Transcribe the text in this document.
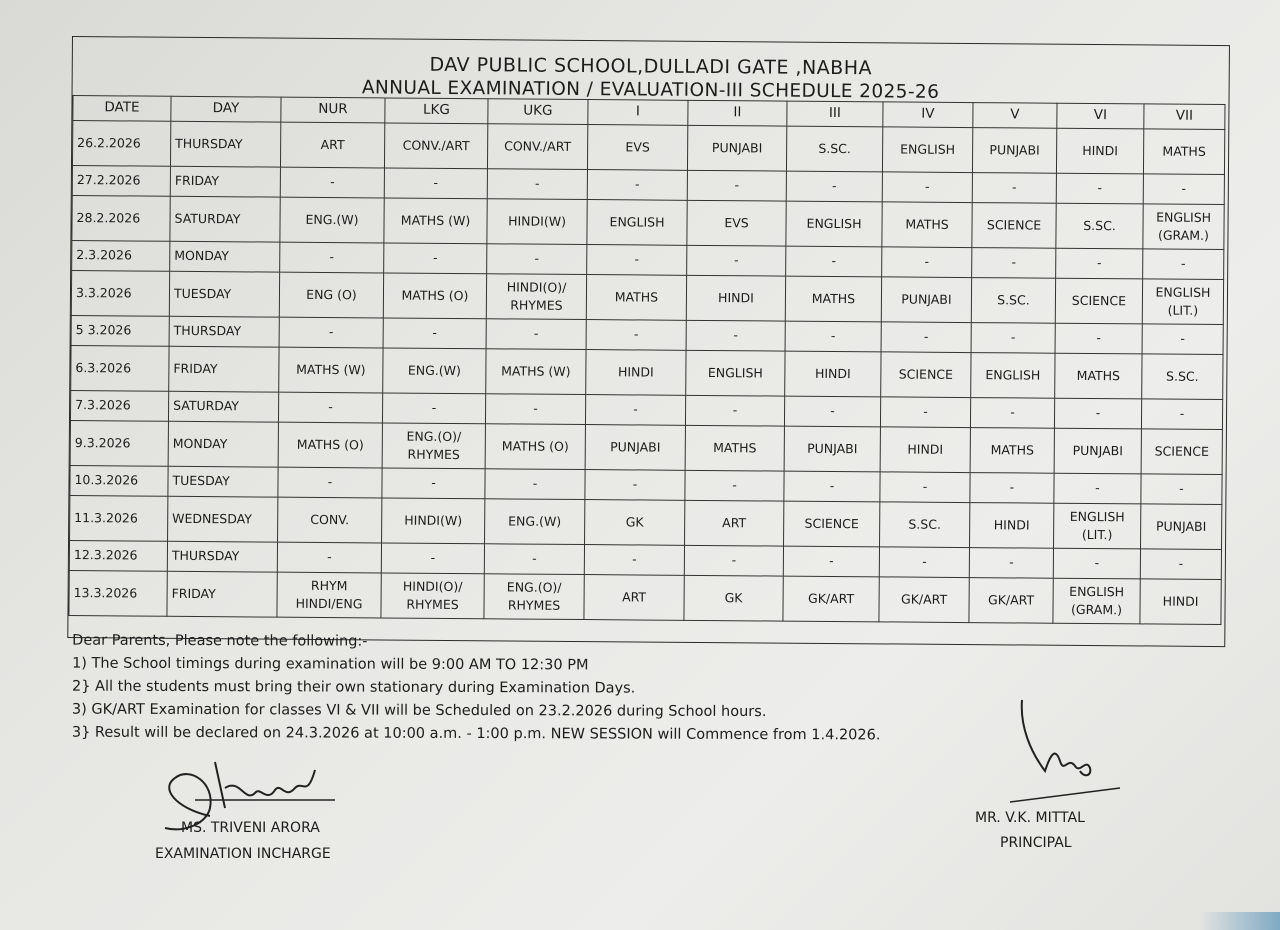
DAV PUBLIC SCHOOL,DULLADI GATE ,NABHA
ANNUAL EXAMINATION / EVALUATION-III SCHEDULE 2025-26
DATE	DAY	NUR	LKG	UKG	I	II	III	IV	V	VI	VII
26.2.2026	THURSDAY	ART	CONV./ART	CONV./ART	EVS	PUNJABI	S.SC.	ENGLISH	PUNJABI	HINDI	MATHS
27.2.2026	FRIDAY	-	-	-	-	-	-	-	-	-	-
28.2.2026	SATURDAY	ENG.(W)	MATHS (W)	HINDI(W)	ENGLISH	EVS	ENGLISH	MATHS	SCIENCE	S.SC.	ENGLISH (GRAM.)
2.3.2026	MONDAY	-	-	-	-	-	-	-	-	-	-
3.3.2026	TUESDAY	ENG (O)	MATHS (O)	HINDI(O)/ RHYMES	MATHS	HINDI	MATHS	PUNJABI	S.SC.	SCIENCE	ENGLISH (LIT.)
5 3.2026	THURSDAY	-	-	-	-	-	-	-	-	-	-
6.3.2026	FRIDAY	MATHS (W)	ENG.(W)	MATHS (W)	HINDI	ENGLISH	HINDI	SCIENCE	ENGLISH	MATHS	S.SC.
7.3.2026	SATURDAY	-	-	-	-	-	-	-	-	-	-
9.3.2026	MONDAY	MATHS (O)	ENG.(O)/ RHYMES	MATHS (O)	PUNJABI	MATHS	PUNJABI	HINDI	MATHS	PUNJABI	SCIENCE
10.3.2026	TUESDAY	-	-	-	-	-	-	-	-	-	-
11.3.2026	WEDNESDAY	CONV.	HINDI(W)	ENG.(W)	GK	ART	SCIENCE	S.SC.	HINDI	ENGLISH (LIT.)	PUNJABI
12.3.2026	THURSDAY	-	-	-	-	-	-	-	-	-	-
13.3.2026	FRIDAY	RHYM HINDI/ENG	HINDI(O)/ RHYMES	ENG.(O)/ RHYMES	ART	GK	GK/ART	GK/ART	GK/ART	ENGLISH (GRAM.)	HINDI
Dear Parents, Please note the following:-
1) The School timings during examination will be 9:00 AM TO 12:30 PM
2} All the students must bring their own stationary during Examination Days.
3) GK/ART Examination for classes VI & VII will be Scheduled on 23.2.2026 during School hours.
3} Result will be declared on 24.3.2026 at 10:00 a.m. - 1:00 p.m. NEW SESSION will Commence from 1.4.2026.
MS. TRIVENI ARORA
EXAMINATION INCHARGE
MR. V.K. MITTAL
PRINCIPAL
